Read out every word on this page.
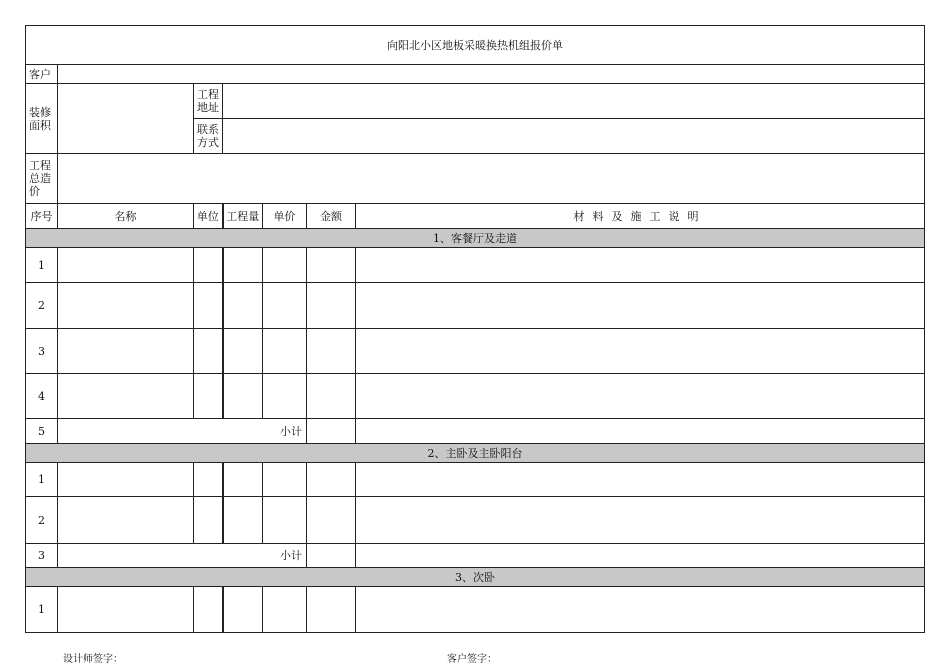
向阳北小区地板采暖换热机组报价单						
客户						
装修面积		工程地址				
		联系方式				
工程总造价						
序号	名称	单位	工程量	单价	金额	材料及施工说明
1、客餐厅及走道						
1						
2						
3						
4						
5	小计					
2、主卧及主卧阳台						
1						
2						
3	小计					
3、次卧						
1						
设计师签字：	客户签字：
